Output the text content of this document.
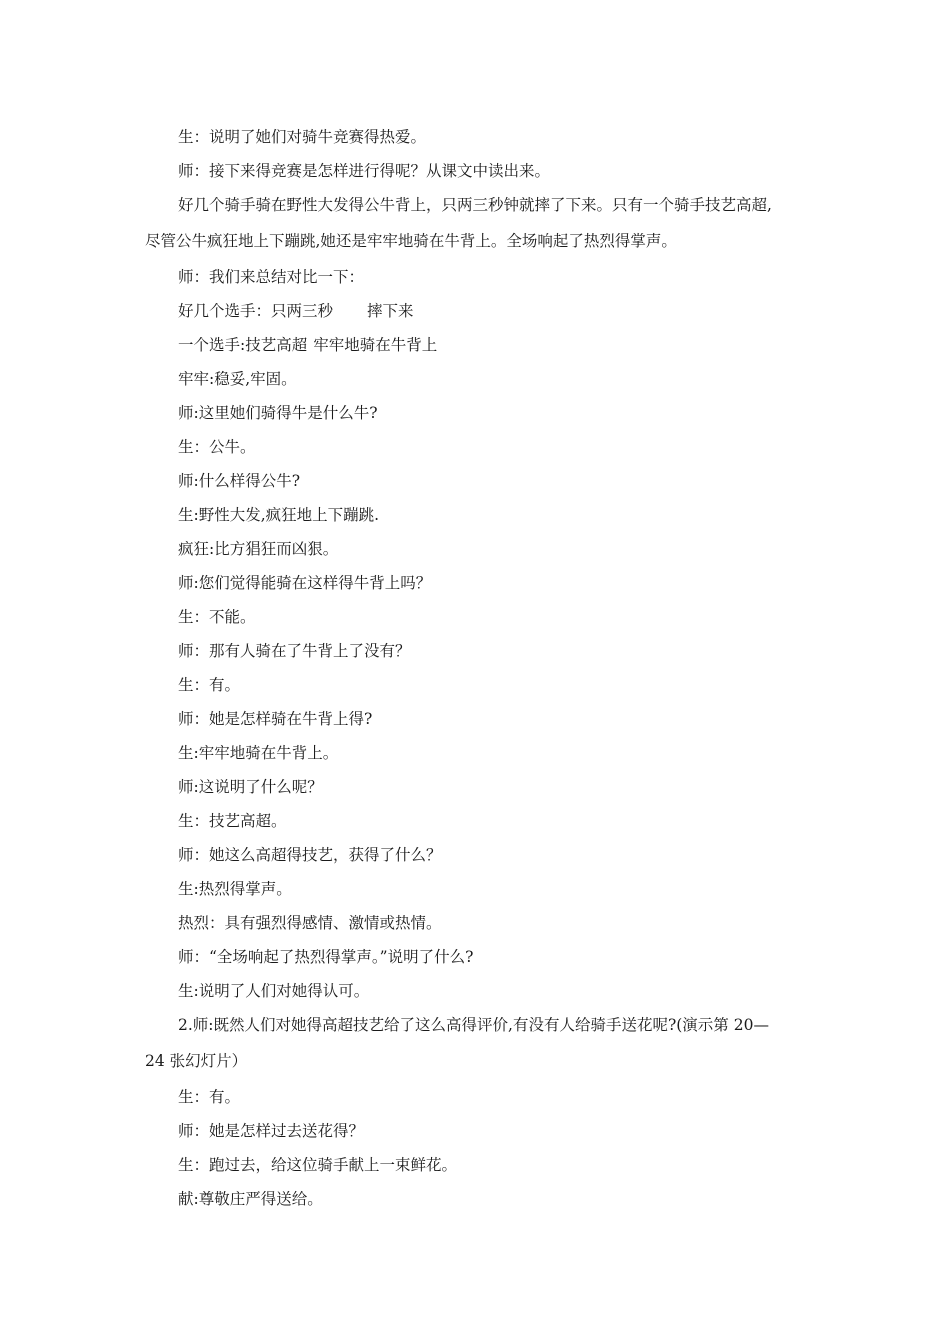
生：说明了她们对骑牛竞赛得热爱。
师：接下来得竞赛是怎样进行得呢？从课文中读出来。
好几个骑手骑在野性大发得公牛背上，只两三秒钟就摔了下来。只有一个骑手技艺高超,
尽管公牛疯狂地上下蹦跳,她还是牢牢地骑在牛背上。全场响起了热烈得掌声。
师：我们来总结对比一下：
好几个选手：只两三秒 摔下来
一个选手:技艺高超 牢牢地骑在牛背上
牢牢:稳妥,牢固。
师:这里她们骑得牛是什么牛?
生：公牛。
师:什么样得公牛?
生:野性大发,疯狂地上下蹦跳.
疯狂:比方猖狂而凶狠。
师:您们觉得能骑在这样得牛背上吗？
生：不能。
师：那有人骑在了牛背上了没有？
生：有。
师：她是怎样骑在牛背上得?
生:牢牢地骑在牛背上。
师:这说明了什么呢？
生：技艺高超。
师：她这么高超得技艺，获得了什么？
生:热烈得掌声。
热烈：具有强烈得感情、激情或热情。
师：“全场响起了热烈得掌声。”说明了什么?
生:说明了人们对她得认可。
2.师:既然人们对她得高超技艺给了这么高得评价,有没有人给骑手送花呢?(演示第 20—
24 张幻灯片）
生：有。
师：她是怎样过去送花得？
生：跑过去，给这位骑手献上一束鲜花。
献:尊敬庄严得送给。
